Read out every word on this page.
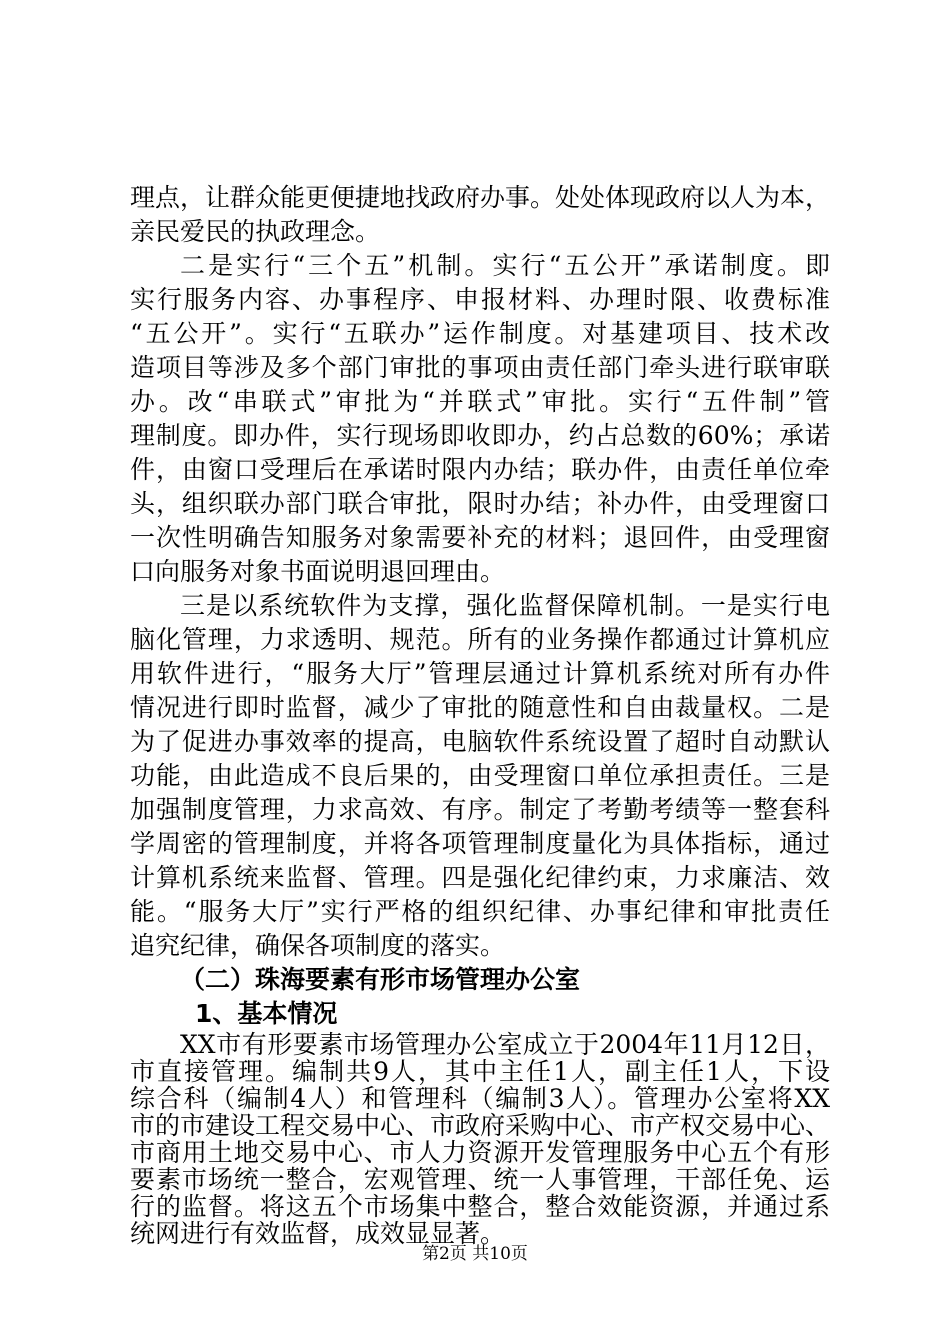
理点，让群众能更便捷地找政府办事。处处体现政府以人为本，
亲民爱民的执政理念。
二是实行“三个五”机制。实行“五公开”承诺制度。即
实行服务内容、办事程序、申报材料、办理时限、收费标准
“五公开”。实行“五联办”运作制度。对基建项目、技术改
造项目等涉及多个部门审批的事项由责任部门牵头进行联审联
办。改“串联式”审批为“并联式”审批。实行“五件制”管
理制度。即办件，实行现场即收即办，约占总数的60%；承诺
件，由窗口受理后在承诺时限内办结；联办件，由责任单位牵
头，组织联办部门联合审批，限时办结；补办件，由受理窗口
一次性明确告知服务对象需要补充的材料；退回件，由受理窗
口向服务对象书面说明退回理由。
三是以系统软件为支撑，强化监督保障机制。一是实行电
脑化管理，力求透明、规范。所有的业务操作都通过计算机应
用软件进行，“服务大厅”管理层通过计算机系统对所有办件
情况进行即时监督，减少了审批的随意性和自由裁量权。二是
为了促进办事效率的提高，电脑软件系统设置了超时自动默认
功能，由此造成不良后果的，由受理窗口单位承担责任。三是
加强制度管理，力求高效、有序。制定了考勤考绩等一整套科
学周密的管理制度，并将各项管理制度量化为具体指标，通过
计算机系统来监督、管理。四是强化纪律约束，力求廉洁、效
能。“服务大厅”实行严格的组织纪律、办事纪律和审批责任
追究纪律，确保各项制度的落实。
（二）珠海要素有形市场管理办公室
1、基本情况
第2页 共10页
XX市有形要素市场管理办公室成立于2004年11月12日，
市直接管理。编制共9人，其中主任1人，副主任1人，下设
综合科（编制4人）和管理科（编制3人）。管理办公室将XX
市的市建设工程交易中心、市政府采购中心、市产权交易中心、
市商用土地交易中心、市人力资源开发管理服务中心五个有形
要素市场统一整合，宏观管理、统一人事管理，干部任免、运
行的监督。将这五个市场集中整合，整合效能资源，并通过系
统网进行有效监督，成效显显著。
